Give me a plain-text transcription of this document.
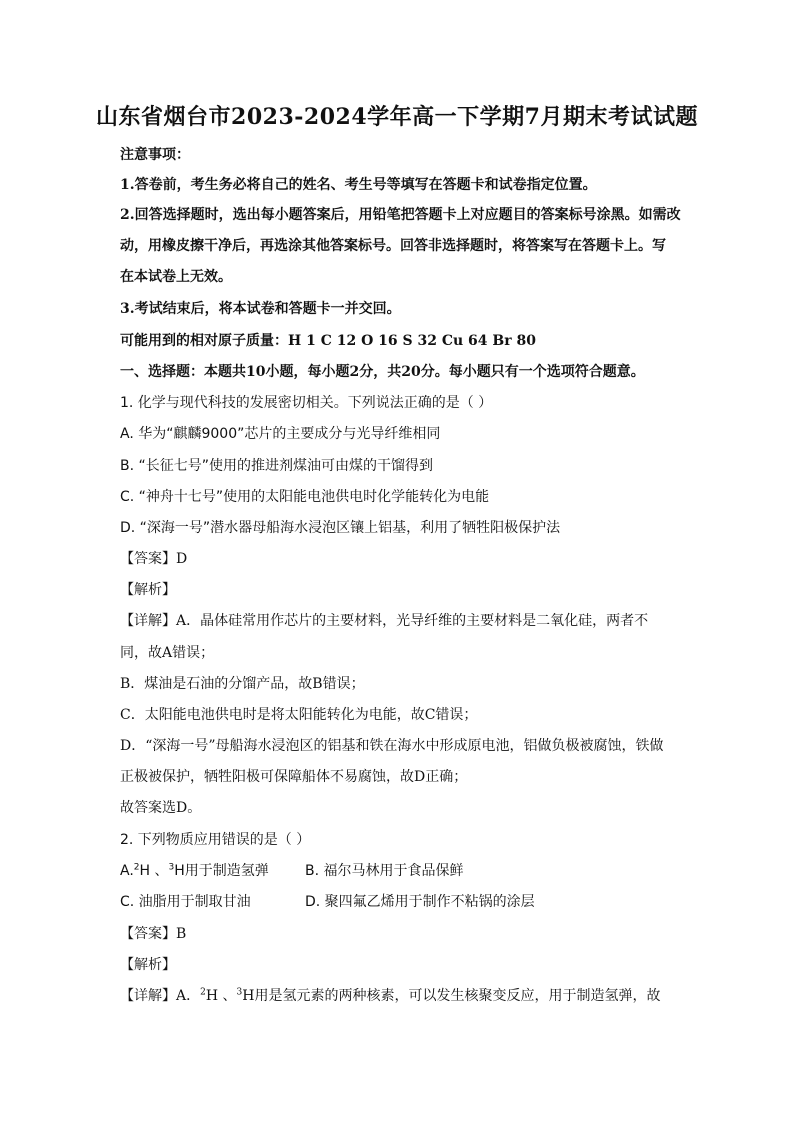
山东省烟台市2023-2024学年高一下学期7月期末考试试题
注意事项：
1.答卷前，考生务必将自己的姓名、考生号等填写在答题卡和试卷指定位置。
2.回答选择题时，选出每小题答案后，用铅笔把答题卡上对应题目的答案标号涂黑。如需改
动，用橡皮擦干净后，再选涂其他答案标号。回答非选择题时，将答案写在答题卡上。写
在本试卷上无效。
3.考试结束后，将本试卷和答题卡一并交回。
可能用到的相对原子质量：H 1 C 12 O 16 S 32 Cu 64 Br 80
一、选择题：本题共10小题，每小题2分，共20分。每小题只有一个选项符合题意。
1. 化学与现代科技的发展密切相关。下列说法正确的是（ ）
A. 华为“麒麟9000”芯片的主要成分与光导纤维相同
B. “长征七号”使用的推进剂煤油可由煤的干馏得到
C. “神舟十七号”使用的太阳能电池供电时化学能转化为电能
D. “深海一号”潜水器母船海水浸泡区镶上铝基，利用了牺牲阳极保护法
【答案】D
【解析】
【详解】A．晶体硅常用作芯片的主要材料，光导纤维的主要材料是二氧化硅，两者不
同，故A错误；
B．煤油是石油的分馏产品，故B错误；
C．太阳能电池供电时是将太阳能转化为电能，故C错误；
D．“深海一号”母船海水浸泡区的铝基和铁在海水中形成原电池，铝做负极被腐蚀，铁做
正极被保护，牺牲阳极可保障船体不易腐蚀，故D正确；
故答案选D。
2. 下列物质应用错误的是（ ）
A.$^2$H 、$^3$H用于制造氢弹	B. 福尔马林用于食品保鲜
C. 油脂用于制取甘油	D. 聚四氟乙烯用于制作不粘锅的涂层
【答案】B
【解析】
【详解】A．$^2$H 、$^3$H用是氢元素的两种核素，可以发生核聚变反应，用于制造氢弹，故
